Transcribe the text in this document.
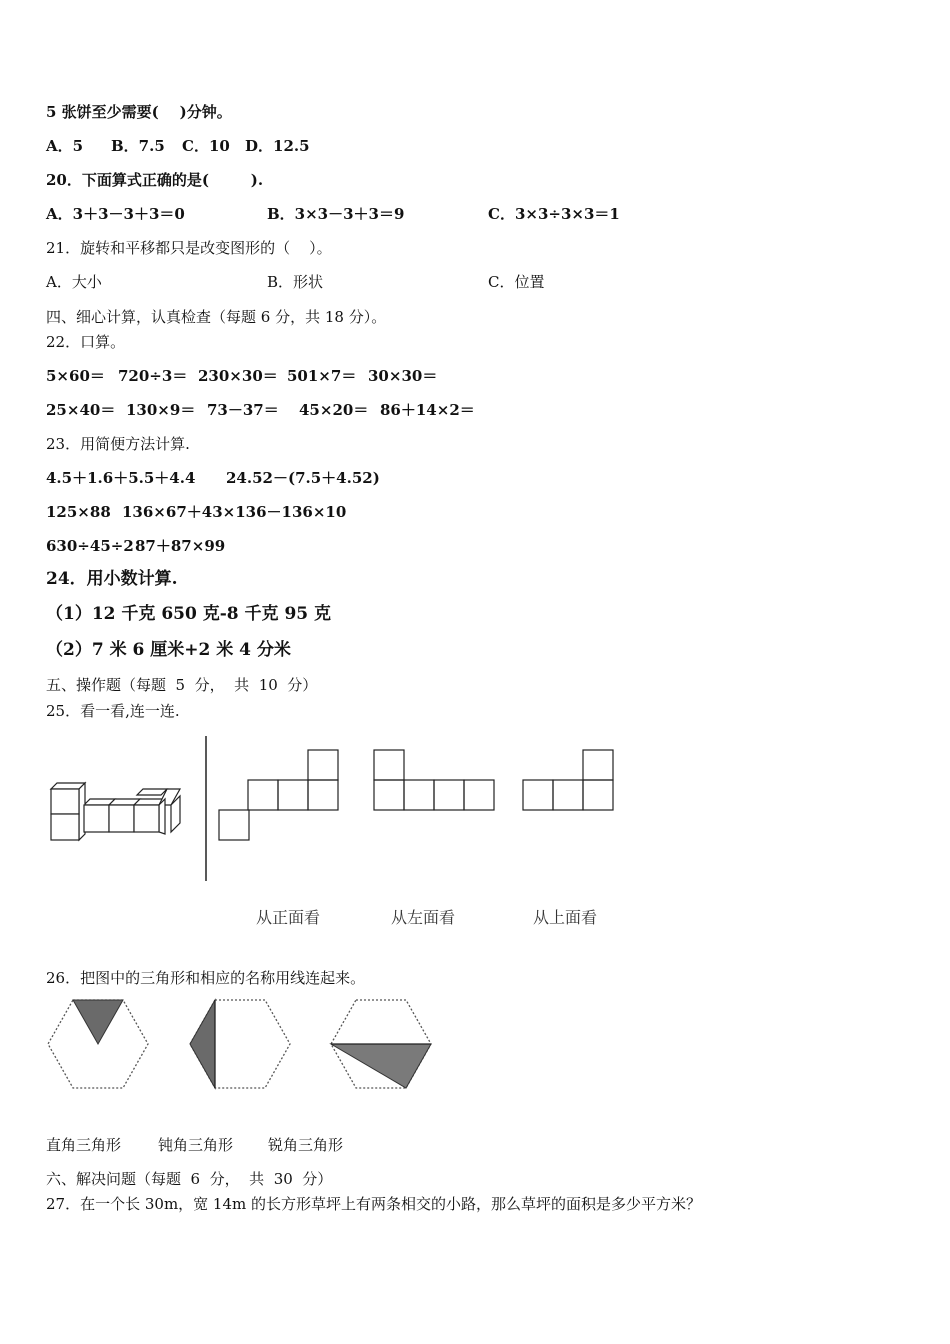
5 张饼至少需要(    )分钟。
A．5 B．7.5 C．10 D．12.5
20．下面算式正确的是(        ).
A．3＋3－3＋3＝0	B．3×3－3＋3＝9	C．3×3÷3×3＝1
21．旋转和平移都只是改变图形的（    ）。
A．大小	B．形状	C．位置
四、细心计算，认真检查（每题 6 分，共 18 分）。
22．口算。
5×60＝ 720÷3＝ 230×30＝ 501×7＝ 30×30＝
25×40＝ 130×9＝ 73－37＝ 45×20＝ 86＋14×2＝
23．用简便方法计算.
4.5＋1.6＋5.5＋4.4 24.52－(7.5＋4.52)
125×88 136×67＋43×136－136×10
630÷45÷2 87＋87×99
24．用小数计算.
（1）12 千克 650 克-8 千克 95 克
（2）7 米 6 厘米+2 米 4 分米
五、操作题（每题  5  分，  共  10  分）
25．看一看,连一连.
从正面看	从左面看	从上面看
26．把图中的三角形和相应的名称用线连起来。
直角三角形 钝角三角形 锐角三角形
六、解决问题（每题  6  分，  共  30  分）
27．在一个长 30m，宽 14m 的长方形草坪上有两条相交的小路，那么草坪的面积是多少平方米？
